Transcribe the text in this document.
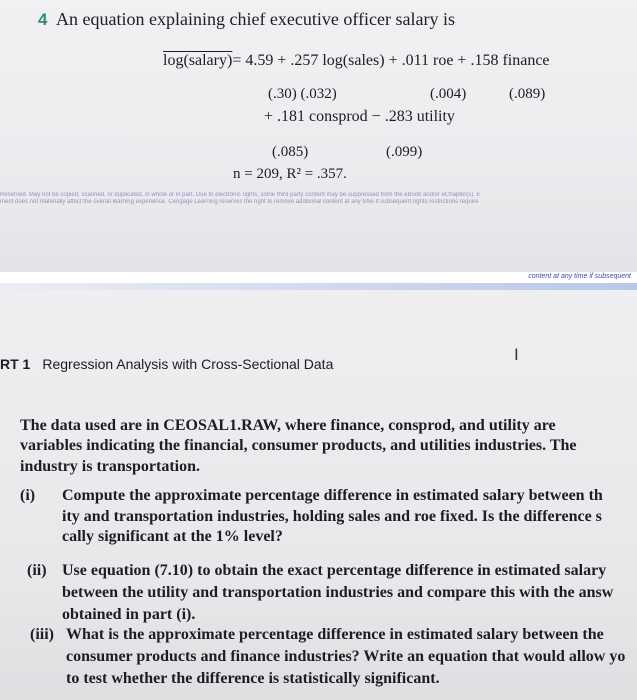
4 An equation explaining chief executive officer salary is
log(salary)= 4.59 + .257 log(sales) + .011 roe + .158 finance
(.30) (.032)	(.004)	(.089)
+ .181 consprod − .283 utility
(.085)	(.099)
n = 209, R² = .357.
Reserved. May not be copied, scanned, or duplicated, in whole or in part. Due to electronic rights, some third party content may be suppressed from the eBook and/or eChapter(s). E
ment does not materially affect the overall learning experience. Cengage Learning reserves the right to remove additional content at any time if subsequent rights restrictions require
content at any time if subsequent
RT 1 Regression Analysis with Cross-Sectional Data	I
The data used are in CEOSAL1.RAW, where finance, consprod, and utility are
variables indicating the financial, consumer products, and utilities industries. The
industry is transportation.
(i) Compute the approximate percentage difference in estimated salary between th
ity and transportation industries, holding sales and roe fixed. Is the difference s
cally significant at the 1% level?
(ii) Use equation (7.10) to obtain the exact percentage difference in estimated salary
between the utility and transportation industries and compare this with the answ
obtained in part (i).
(iii) What is the approximate percentage difference in estimated salary between the
consumer products and finance industries? Write an equation that would allow yo
to test whether the difference is statistically significant.
